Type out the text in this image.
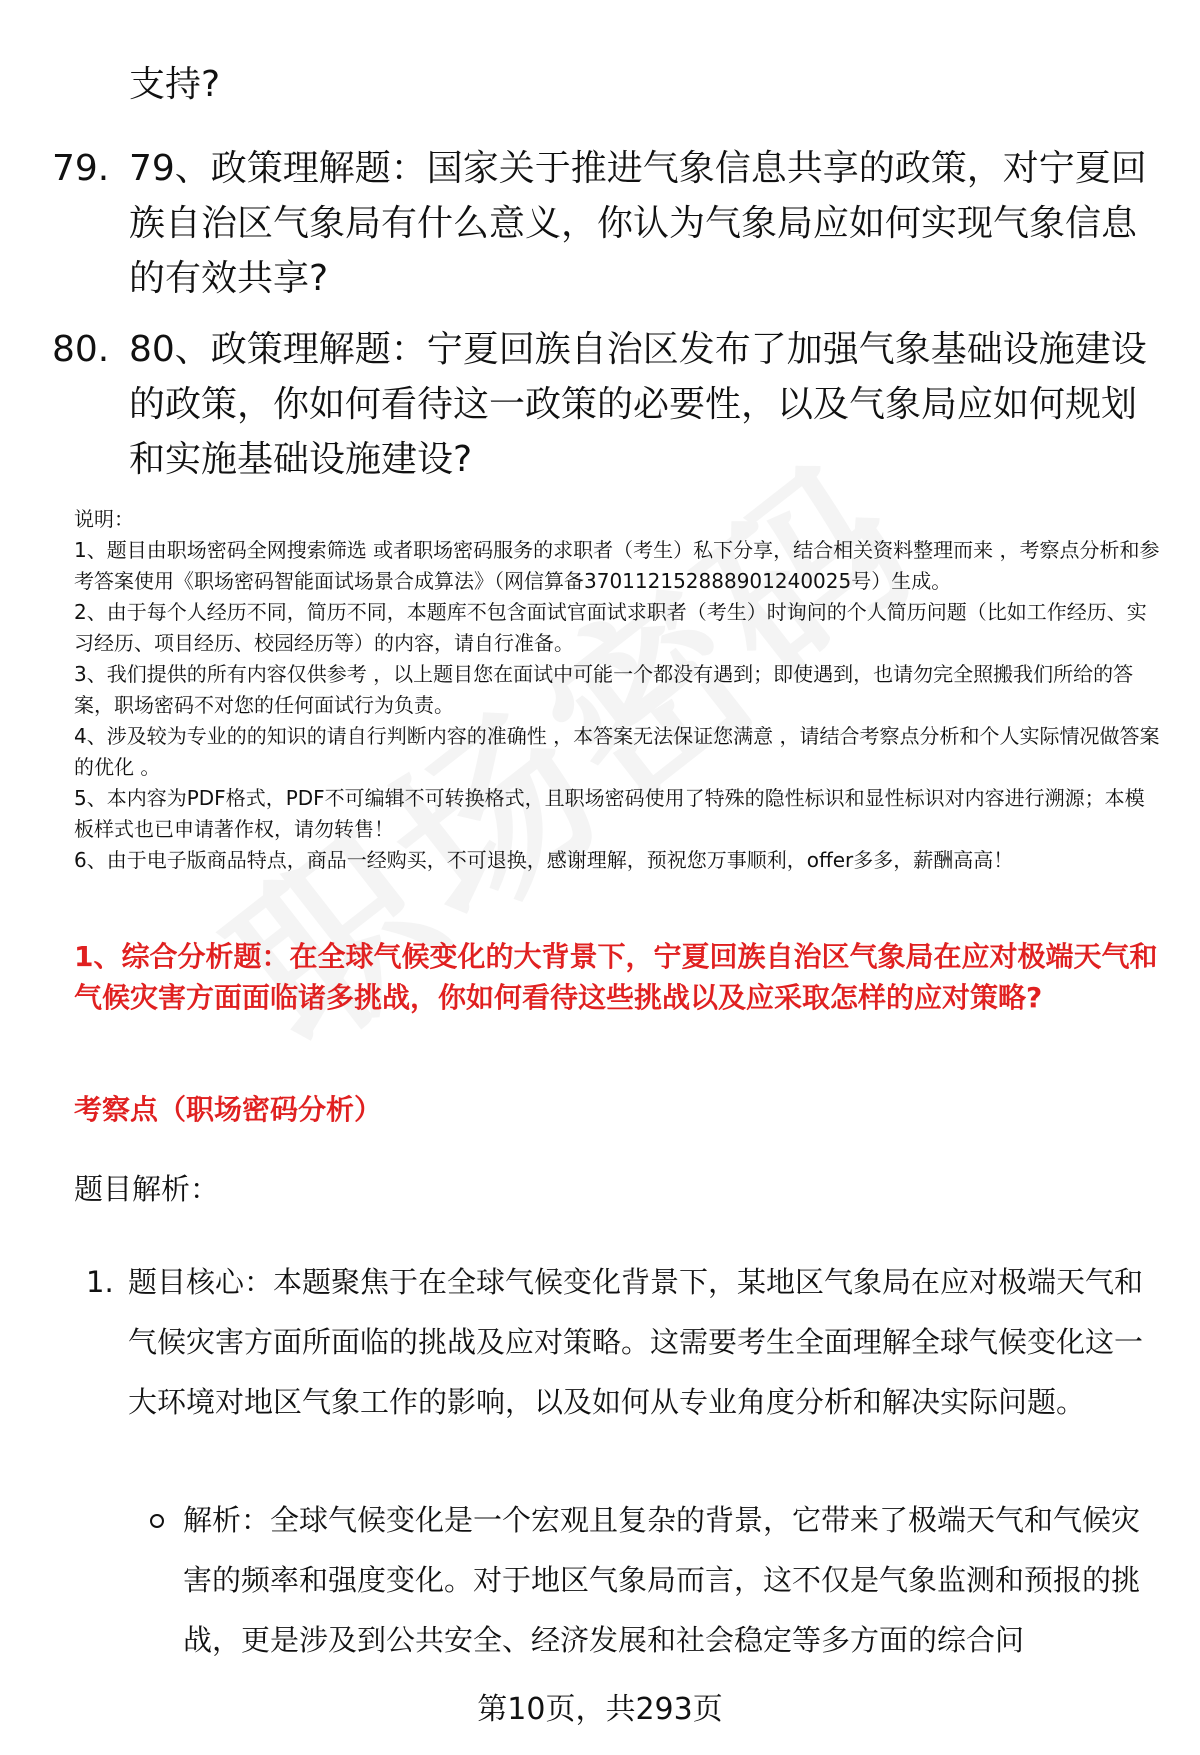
支持?
79. 79、政策理解题：国家关于推进气象信息共享的政策，对宁夏回族自治区气象局有什么意义，你认为气象局应如何实现气象信息的有效共享?
80. 80、政策理解题：宁夏回族自治区发布了加强气象基础设施建设的政策，你如何看待这一政策的必要性，以及气象局应如何规划和实施基础设施建设?

说明：

1、题目由职场密码全网搜索筛选 或者职场密码服务的求职者（考生）私下分享，结合相关资料整理而来 ，考察点分析和参考答案使用《职场密码智能面试场景合成算法》（网信算备370112152888901240025号）生成。

2、由于每个人经历不同，简历不同，本题库不包含面试官面试求职者（考生）时询问的个人简历问题（比如工作经历、实习经历、项目经历、校园经历等）的内容，请自行准备。

3、我们提供的所有内容仅供参考 ，以上题目您在面试中可能一个都没有遇到；即使遇到，也请勿完全照搬我们所给的答案，职场密码不对您的任何面试行为负责。

4、涉及较为专业的的知识的请自行判断内容的准确性 ，本答案无法保证您满意 ，请结合考察点分析和个人实际情况做答案的优化 。

5、本内容为PDF格式，PDF不可编辑不可转换格式，且职场密码使用了特殊的隐性标识和显性标识对内容进行溯源；本模板样式也已申请著作权，请勿转售！

6、由于电子版商品特点，商品一经购买，不可退换，感谢理解，预祝您万事顺利，offer多多，薪酬高高！

1、综合分析题：在全球气候变化的大背景下，宁夏回族自治区气象局在应对极端天气和气候灾害方面面临诸多挑战，你如何看待这些挑战以及应采取怎样的应对策略?

考察点（职场密码分析）

题目解析：

1. 题目核心：本题聚焦于在全球气候变化背景下，某地区气象局在应对极端天气和气候灾害方面所面临的挑战及应对策略。这需要考生全面理解全球气候变化这一大环境对地区气象工作的影响，以及如何从专业角度分析和解决实际问题。
解析：全球气候变化是一个宏观且复杂的背景，它带来了极端天气和气候灾害的频率和强度变化。对于地区气象局而言，这不仅是气象监测和预报的挑战，更是涉及到公共安全、经济发展和社会稳定等多方面的综合问
第10页，共293页
